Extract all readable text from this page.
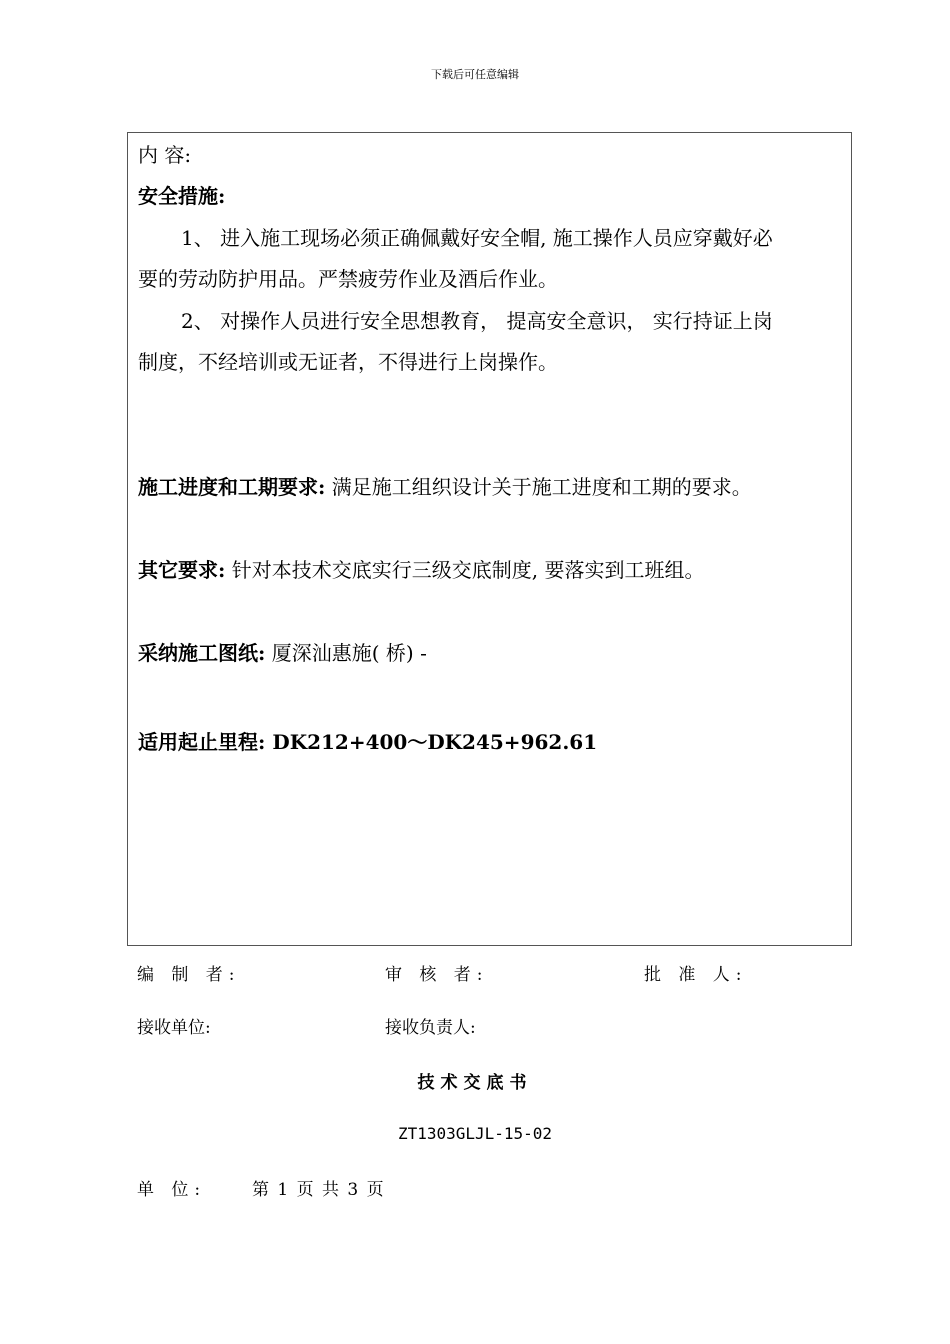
下载后可任意编辑
内 容:
安全措施:
1、 进入施工现场必须正确佩戴好安全帽, 施工操作人员应穿戴好必
要的劳动防护用品。严禁疲劳作业及酒后作业。
2、 对操作人员进行安全思想教育， 提高安全意识， 实行持证上岗
制度，不经培训或无证者，不得进行上岗操作。
施工进度和工期要求: 满足施工组织设计关于施工进度和工期的要求。
其它要求: 针对本技术交底实行三级交底制度, 要落实到工班组。
采纳施工图纸: 厦深汕惠施( 桥) -
适用起止里程: DK212+400～DK245+962.61
编 制 者:	审 核 者:	批 准 人:
接收单位:	接收负责人:
技术交底书
ZT1303GLJL-15-02
单 位:	第 1 页 共 3 页
